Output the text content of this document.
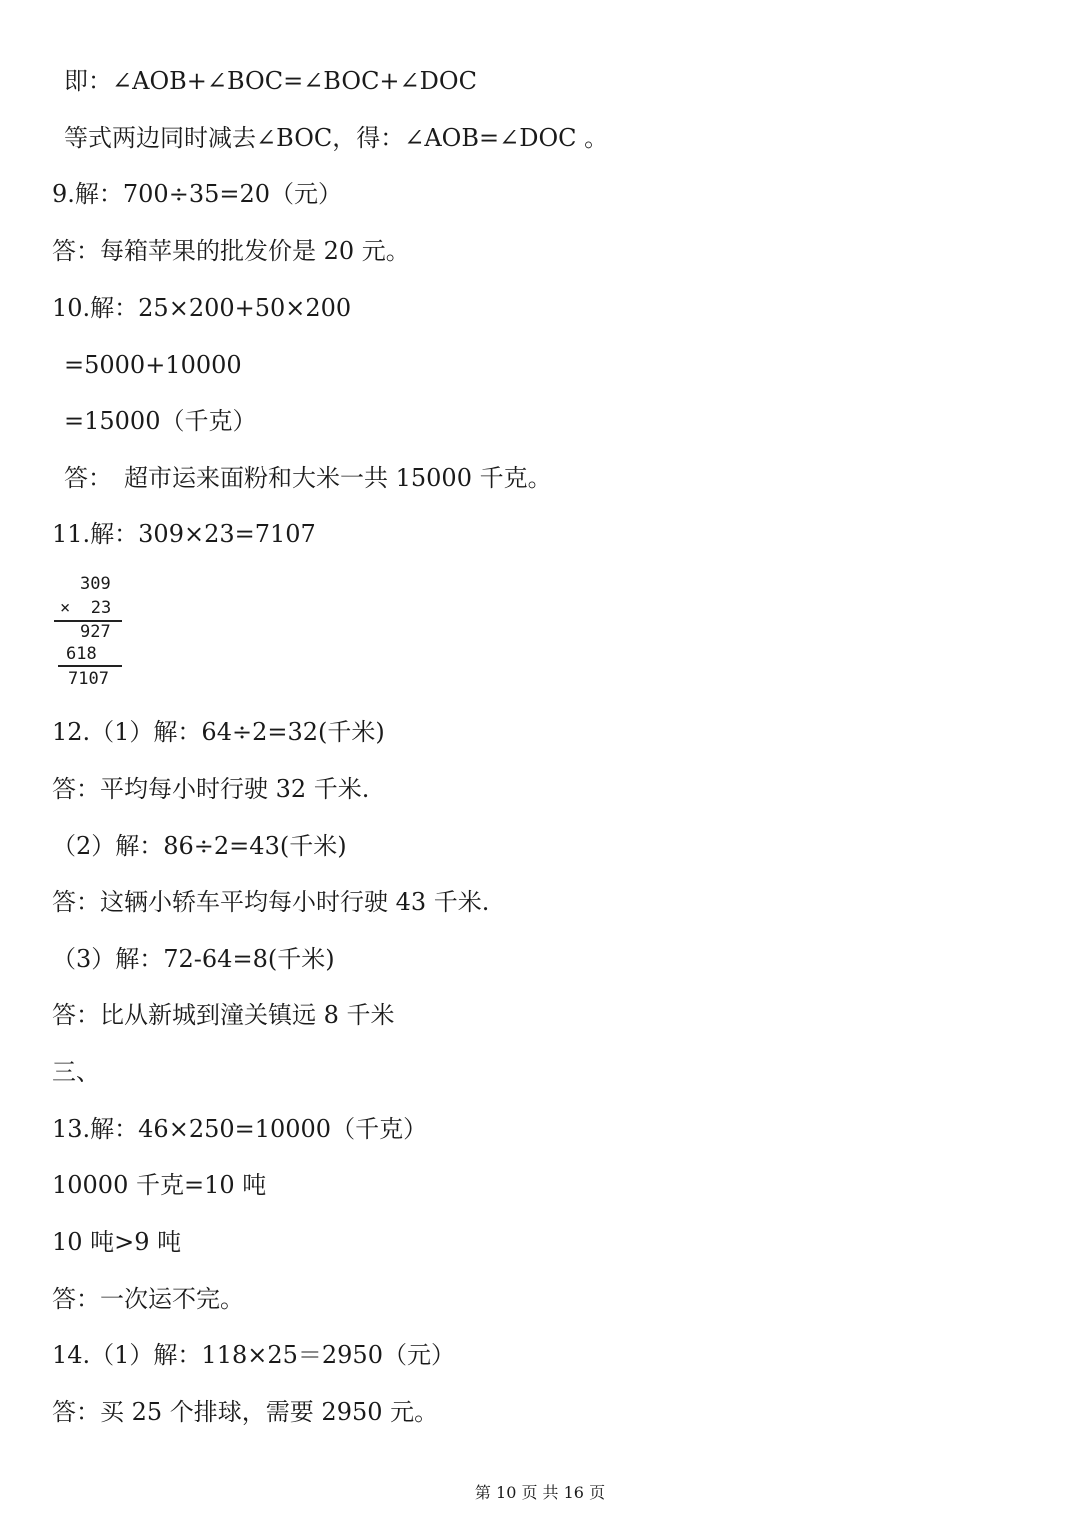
即：∠AOB+∠BOC=∠BOC+∠DOC
等式两边同时减去∠BOC，得：∠AOB=∠DOC 。
9.解：700÷35=20（元）
答：每箱苹果的批发价是 20 元。
10.解：25×200+50×200
=5000+10000
=15000（千克）
答：　超市运来面粉和大米一共 15000 千克。
11.解：309×23=7107
309
×  23
927
618
7107
12.（1）解：64÷2=32(千米)
答：平均每小时行驶 32 千米.
（2）解：86÷2=43(千米)
答：这辆小轿车平均每小时行驶 43 千米.
（3）解：72-64=8(千米)
答：比从新城到潼关镇远 8 千米
三、
13.解：46×250=10000（千克）
10000 千克=10 吨
10 吨>9 吨
答：一次运不完。
14.（1）解：118×25＝2950（元）
答：买 25 个排球，需要 2950 元。
第 10 页 共 16 页
